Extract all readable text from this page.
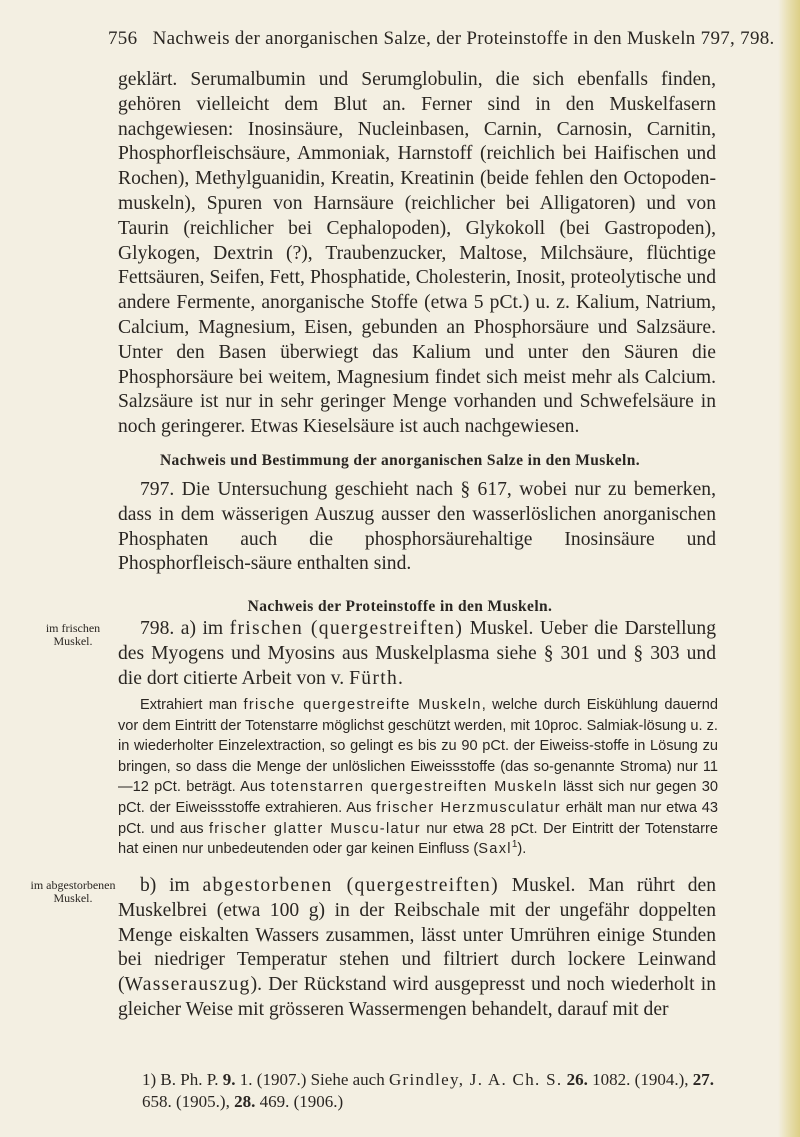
756 Nachweis der anorganischen Salze, der Proteinstoffe in den Muskeln 797, 798.
geklärt. Serumalbumin und Serumglobulin, die sich ebenfalls finden, gehören vielleicht dem Blut an. Ferner sind in den Muskelfasern nachgewiesen: Inosinsäure, Nucleinbasen, Carnin, Carnosin, Carnitin, Phosphorfleischsäure, Ammoniak, Harnstoff (reichlich bei Haifischen und Rochen), Methylguanidin, Kreatin, Kreatinin (beide fehlen den Octopoden-muskeln), Spuren von Harnsäure (reichlicher bei Alligatoren) und von Taurin (reichlicher bei Cephalopoden), Glykokoll (bei Gastropoden), Glykogen, Dextrin (?), Traubenzucker, Maltose, Milchsäure, flüchtige Fettsäuren, Seifen, Fett, Phosphatide, Cholesterin, Inosit, proteolytische und andere Fermente, anorganische Stoffe (etwa 5 pCt.) u. z. Kalium, Natrium, Calcium, Magnesium, Eisen, gebunden an Phosphorsäure und Salzsäure. Unter den Basen überwiegt das Kalium und unter den Säuren die Phosphorsäure bei weitem, Magnesium findet sich meist mehr als Calcium. Salzsäure ist nur in sehr geringer Menge vorhanden und Schwefelsäure in noch geringerer. Etwas Kieselsäure ist auch nachgewiesen.
Nachweis und Bestimmung der anorganischen Salze in den Muskeln.
797. Die Untersuchung geschieht nach § 617, wobei nur zu bemerken, dass in dem wässerigen Auszug ausser den wasserlöslichen anorganischen Phosphaten auch die phosphorsäurehaltige Inosinsäure und Phosphorfleisch-säure enthalten sind.
Nachweis der Proteinstoffe in den Muskeln.
im frischen Muskel.
798. a) im frischen (quergestreiften) Muskel. Ueber die Darstellung des Myogens und Myosins aus Muskelplasma siehe § 301 und § 303 und die dort citierte Arbeit von v. Fürth.
Extrahiert man frische quergestreifte Muskeln, welche durch Eiskühlung dauernd vor dem Eintritt der Totenstarre möglichst geschützt werden, mit 10proc. Salmiak-lösung u. z. in wiederholter Einzelextraction, so gelingt es bis zu 90 pCt. der Eiweiss-stoffe in Lösung zu bringen, so dass die Menge der unlöslichen Eiweissstoffe (das so-genannte Stroma) nur 11—12 pCt. beträgt. Aus totenstarren quergestreiften Muskeln lässt sich nur gegen 30 pCt. der Eiweissstoffe extrahieren. Aus frischer Herzmusculatur erhält man nur etwa 43 pCt. und aus frischer glatter Muscu-latur nur etwa 28 pCt. Der Eintritt der Totenstarre hat einen nur unbedeutenden oder gar keinen Einfluss (Saxl$^1$).
im abgestorbenen Muskel.
b) im abgestorbenen (quergestreiften) Muskel. Man rührt den Muskelbrei (etwa 100 g) in der Reibschale mit der ungefähr doppelten Menge eiskalten Wassers zusammen, lässt unter Umrühren einige Stunden bei niedriger Temperatur stehen und filtriert durch lockere Leinwand (Wasserauszug). Der Rückstand wird ausgepresst und noch wiederholt in gleicher Weise mit grösseren Wassermengen behandelt, darauf mit der
1) B. Ph. P. 9. 1. (1907.) Siehe auch Grindley, J. A. Ch. S. 26. 1082. (1904.), 27. 658. (1905.), 28. 469. (1906.)
